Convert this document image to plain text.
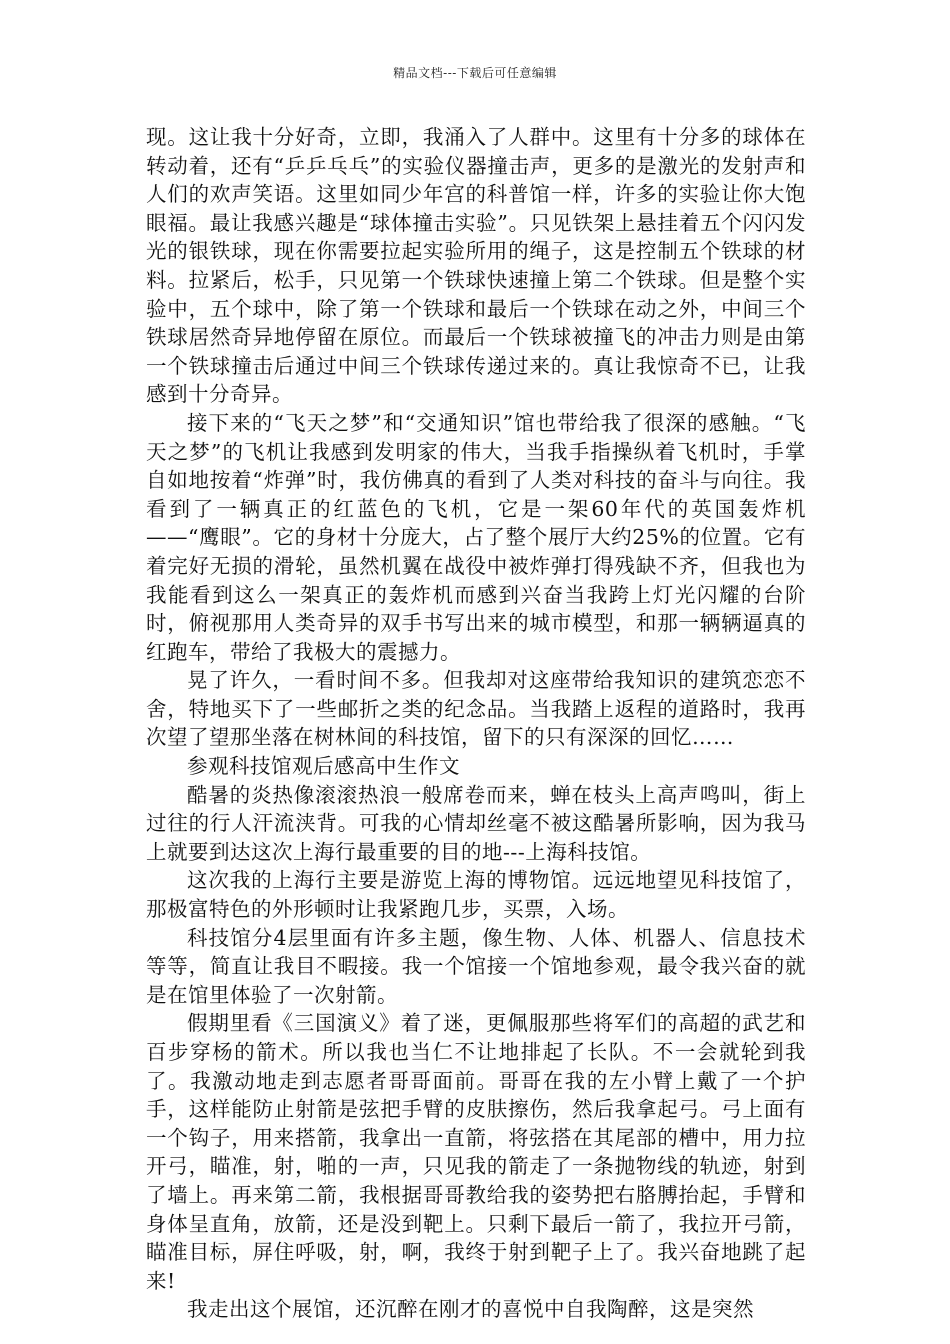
精品文档---下载后可任意编辑

现。这让我十分好奇，立即，我涌入了人群中。这里有十分多的球体在转动着，还有“乒乒乓乓”的实验仪器撞击声，更多的是激光的发射声和人们的欢声笑语。这里如同少年宫的科普馆一样，许多的实验让你大饱眼福。最让我感兴趣是“球体撞击实验”。只见铁架上悬挂着五个闪闪发光的银铁球，现在你需要拉起实验所用的绳子，这是控制五个铁球的材料。拉紧后，松手，只见第一个铁球快速撞上第二个铁球。但是整个实验中，五个球中，除了第一个铁球和最后一个铁球在动之外，中间三个铁球居然奇异地停留在原位。而最后一个铁球被撞飞的冲击力则是由第一个铁球撞击后通过中间三个铁球传递过来的。真让我惊奇不已，让我感到十分奇异。

接下来的“飞天之梦”和“交通知识”馆也带给我了很深的感触。“飞天之梦”的飞机让我感到发明家的伟大，当我手指操纵着飞机时，手掌自如地按着“炸弹”时，我仿佛真的看到了人类对科技的奋斗与向往。我看到了一辆真正的红蓝色的飞机，它是一架60年代的英国轰炸机——“鹰眼”。它的身材十分庞大，占了整个展厅大约25%的位置。它有着完好无损的滑轮，虽然机翼在战役中被炸弹打得残缺不齐，但我也为我能看到这么一架真正的轰炸机而感到兴奋当我跨上灯光闪耀的台阶时，俯视那用人类奇异的双手书写出来的城市模型，和那一辆辆逼真的红跑车，带给了我极大的震撼力。

晃了许久，一看时间不多。但我却对这座带给我知识的建筑恋恋不舍，特地买下了一些邮折之类的纪念品。当我踏上返程的道路时，我再次望了望那坐落在树林间的科技馆，留下的只有深深的回忆……

参观科技馆观后感高中生作文

酷暑的炎热像滚滚热浪一般席卷而来，蝉在枝头上高声鸣叫，街上过往的行人汗流浃背。可我的心情却丝毫不被这酷暑所影响，因为我马上就要到达这次上海行最重要的目的地---上海科技馆。

这次我的上海行主要是游览上海的博物馆。远远地望见科技馆了，那极富特色的外形顿时让我紧跑几步，买票，入场。

科技馆分4层里面有许多主题，像生物、人体、机器人、信息技术等等，简直让我目不暇接。我一个馆接一个馆地参观，最令我兴奋的就是在馆里体验了一次射箭。

假期里看《三国演义》着了迷，更佩服那些将军们的高超的武艺和百步穿杨的箭术。所以我也当仁不让地排起了长队。不一会就轮到我了。我激动地走到志愿者哥哥面前。哥哥在我的左小臂上戴了一个护手，这样能防止射箭是弦把手臂的皮肤擦伤，然后我拿起弓。弓上面有一个钩子，用来搭箭，我拿出一直箭，将弦搭在其尾部的槽中，用力拉开弓，瞄准，射，啪的一声，只见我的箭走了一条抛物线的轨迹，射到了墙上。再来第二箭，我根据哥哥教给我的姿势把右胳膊抬起，手臂和身体呈直角，放箭，还是没到靶上。只剩下最后一箭了，我拉开弓箭，瞄准目标，屏住呼吸，射，啊，我终于射到靶子上了。我兴奋地跳了起来!

我走出这个展馆，还沉醉在刚才的喜悦中自我陶醉，这是突然
